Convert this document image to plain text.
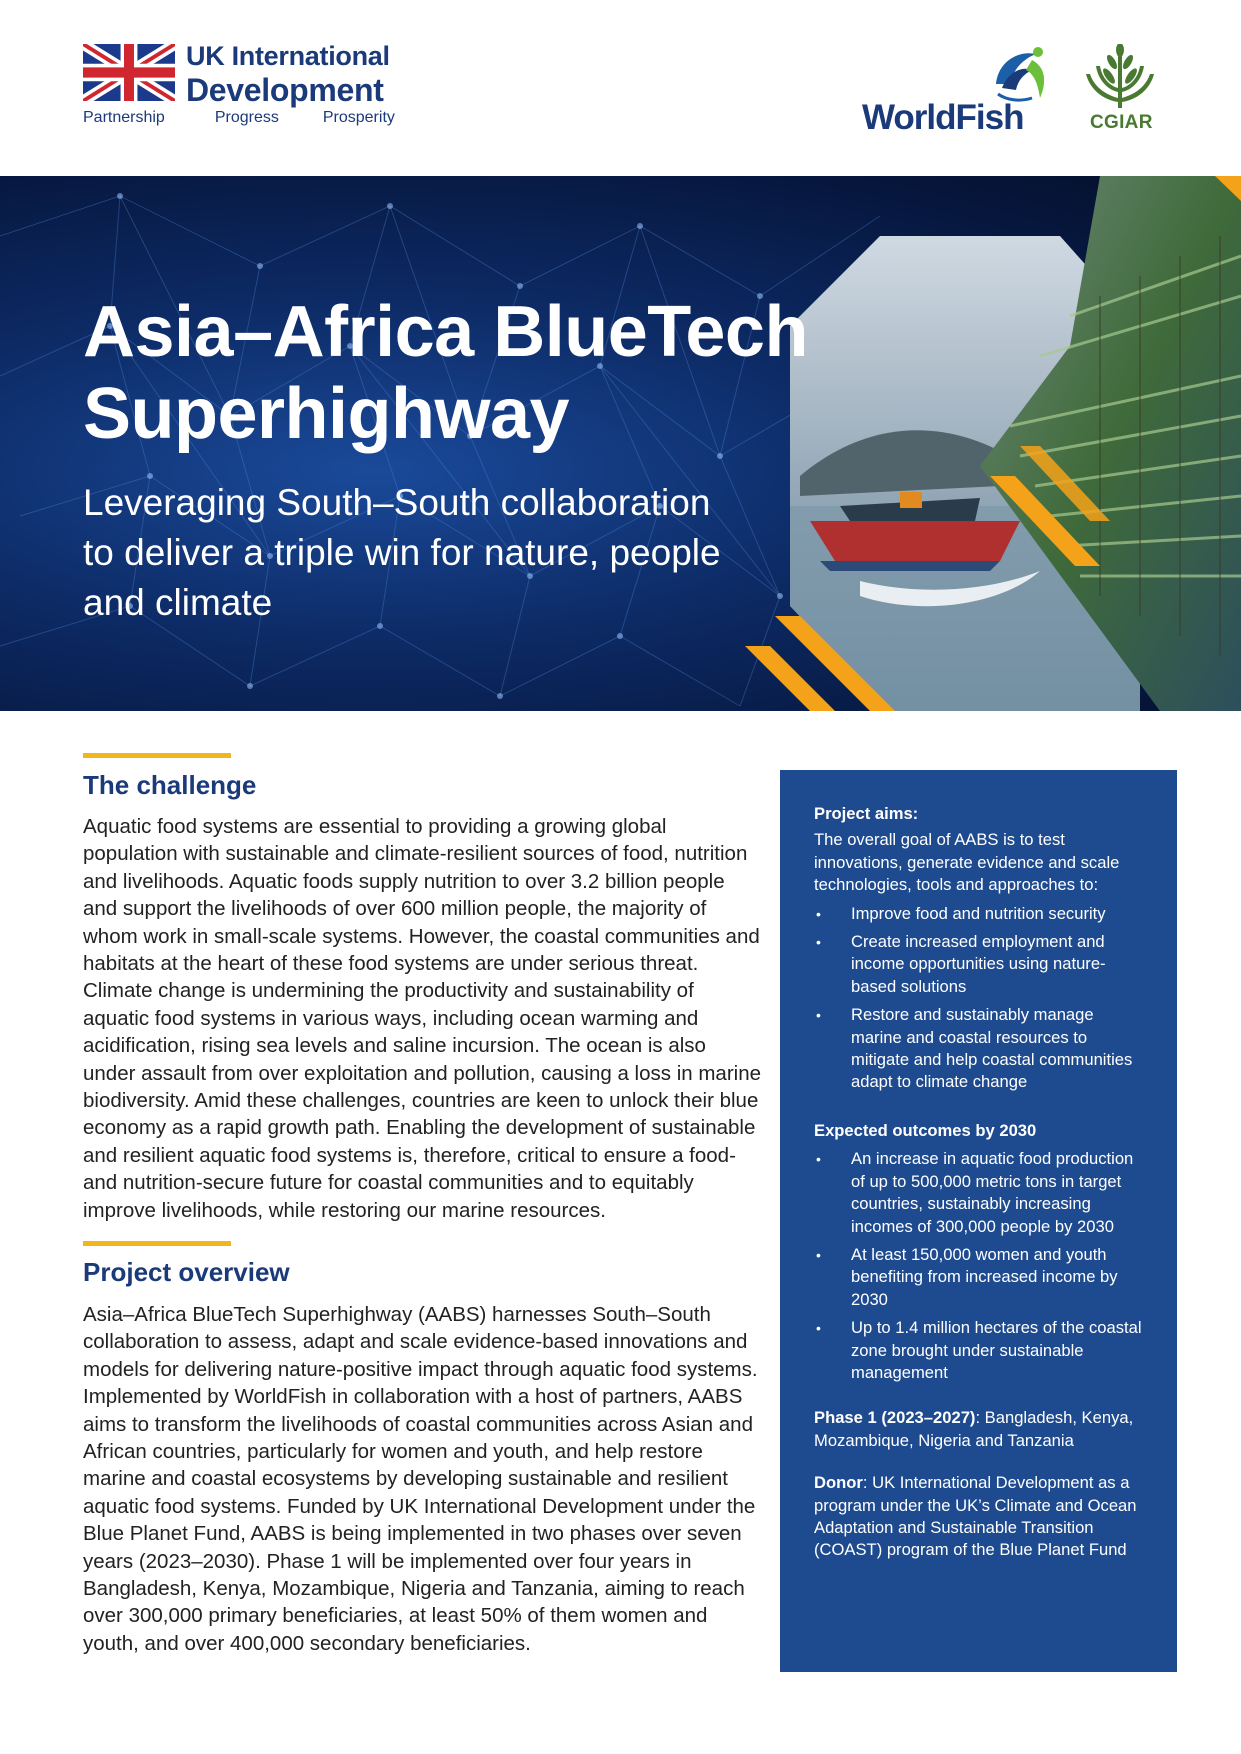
UK International
Development
Partnership	Progress	Prosperity	WorldFish	CGIAR
Asia–Africa BlueTech
Superhighway
Leveraging South–South collaboration to deliver a triple win for nature, people and climate
The challenge
Aquatic food systems are essential to providing a growing global population with sustainable and climate-resilient sources of food, nutrition and livelihoods. Aquatic foods supply nutrition to over 3.2 billion people and support the livelihoods of over 600 million people, the majority of whom work in small-scale systems. However, the coastal communities and habitats at the heart of these food systems are under serious threat. Climate change is undermining the productivity and sustainability of aquatic food systems in various ways, including ocean warming and acidification, rising sea levels and saline incursion. The ocean is also under assault from over exploitation and pollution, causing a loss in marine biodiversity. Amid these challenges, countries are keen to unlock their blue economy as a rapid growth path. Enabling the development of sustainable and resilient aquatic food systems is, therefore, critical to ensure a food- and nutrition-secure future for coastal communities and to equitably improve livelihoods, while restoring our marine resources.
Project overview
Asia–Africa BlueTech Superhighway (AABS) harnesses South–South collaboration to assess, adapt and scale evidence-based innovations and models for delivering nature-positive impact through aquatic food systems. Implemented by WorldFish in collaboration with a host of partners, AABS aims to transform the livelihoods of coastal communities across Asian and African countries, particularly for women and youth, and help restore marine and coastal ecosystems by developing sustainable and resilient aquatic food systems. Funded by UK International Development under the Blue Planet Fund, AABS is being implemented in two phases over seven years (2023–2030). Phase 1 will be implemented over four years in Bangladesh, Kenya, Mozambique, Nigeria and Tanzania, aiming to reach over 300,000 primary beneficiaries, at least 50% of them women and youth, and over 400,000 secondary beneficiaries.
Project aims:
The overall goal of AABS is to test innovations, generate evidence and scale technologies, tools and approaches to:
• Improve food and nutrition security
• Create increased employment and income opportunities using nature-based solutions
• Restore and sustainably manage marine and coastal resources to mitigate and help coastal communities adapt to climate change
Expected outcomes by 2030
• An increase in aquatic food production of up to 500,000 metric tons in target countries, sustainably increasing incomes of 300,000 people by 2030
• At least 150,000 women and youth benefiting from increased income by 2030
• Up to 1.4 million hectares of the coastal zone brought under sustainable management
Phase 1 (2023–2027): Bangladesh, Kenya, Mozambique, Nigeria and Tanzania
Donor: UK International Development as a program under the UK’s Climate and Ocean Adaptation and Sustainable Transition (COAST) program of the Blue Planet Fund
